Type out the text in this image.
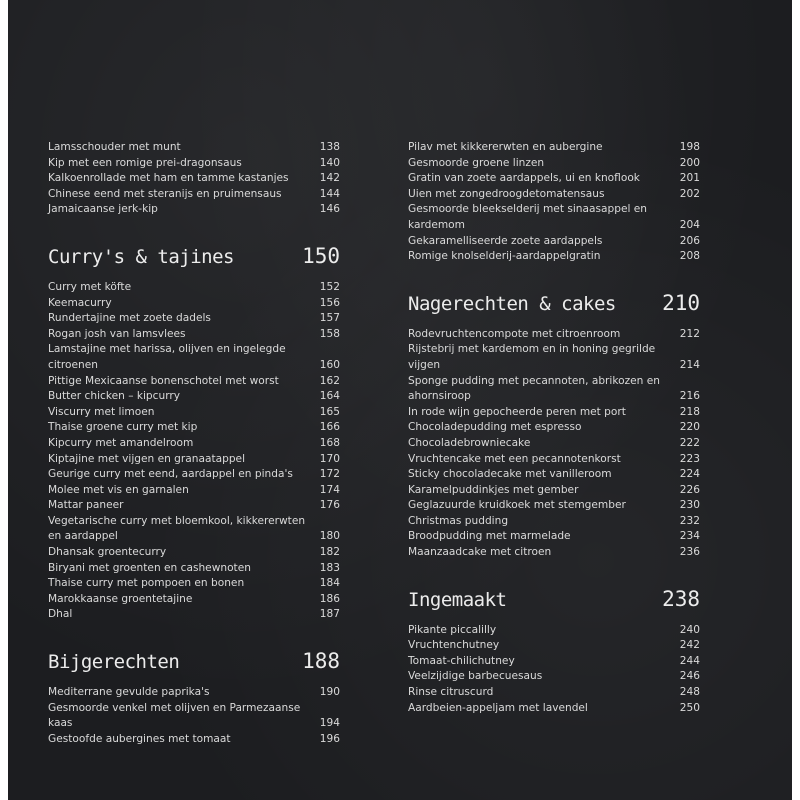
Lamsschouder met munt	138
Kip met een romige prei-dragonsaus	140
Kalkoenrollade met ham en tamme kastanjes	142
Chinese eend met steranijs en pruimensaus	144
Jamaicaanse jerk-kip	146
Curry's & tajines	150
Curry met köfte	152
Keemacurry	156
Rundertajine met zoete dadels	157
Rogan josh van lamsvlees	158
Lamstajine met harissa, olijven en ingelegde citroenen	160
Pittige Mexicaanse bonenschotel met worst	162
Butter chicken – kipcurry	164
Viscurry met limoen	165
Thaise groene curry met kip	166
Kipcurry met amandelroom	168
Kiptajine met vijgen en granaatappel	170
Geurige curry met eend, aardappel en pinda's	172
Molee met vis en garnalen	174
Mattar paneer	176
Vegetarische curry met bloemkool, kikkererwten en aardappel	180
Dhansak groentecurry	182
Biryani met groenten en cashewnoten	183
Thaise curry met pompoen en bonen	184
Marokkaanse groentetajine	186
Dhal	187
Bijgerechten	188
Mediterrane gevulde paprika's	190
Gesmoorde venkel met olijven en Parmezaanse kaas	194
Gestoofde aubergines met tomaat	196
Pilav met kikkererwten en aubergine	198
Gesmoorde groene linzen	200
Gratin van zoete aardappels, ui en knoflook	201
Uien met zongedroogdetomatensaus	202
Gesmoorde bleekselderij met sinaasappel en kardemom	204
Gekaramelliseerde zoete aardappels	206
Romige knolselderij-aardappelgratin	208
Nagerechten & cakes 210
Rodevruchtencompote met citroenroom	212
Rijstebrij met kardemom en in honing gegrilde vijgen	214
Sponge pudding met pecannoten, abrikozen en ahornsiroop	216
In rode wijn gepocheerde peren met port	218
Chocoladepudding met espresso	220
Chocoladebrowniecake	222
Vruchtencake met een pecannotenkorst	223
Sticky chocoladecake met vanilleroom	224
Karamelpuddinkjes met gember	226
Geglazuurde kruidkoek met stemgember	230
Christmas pudding	232
Broodpudding met marmelade	234
Maanzaadcake met citroen	236
Ingemaakt	238
Pikante piccalilly	240
Vruchtenchutney	242
Tomaat-chilichutney	244
Veelzijdige barbecuesaus	246
Rinse citruscurd	248
Aardbeien-appeljam met lavendel	250
